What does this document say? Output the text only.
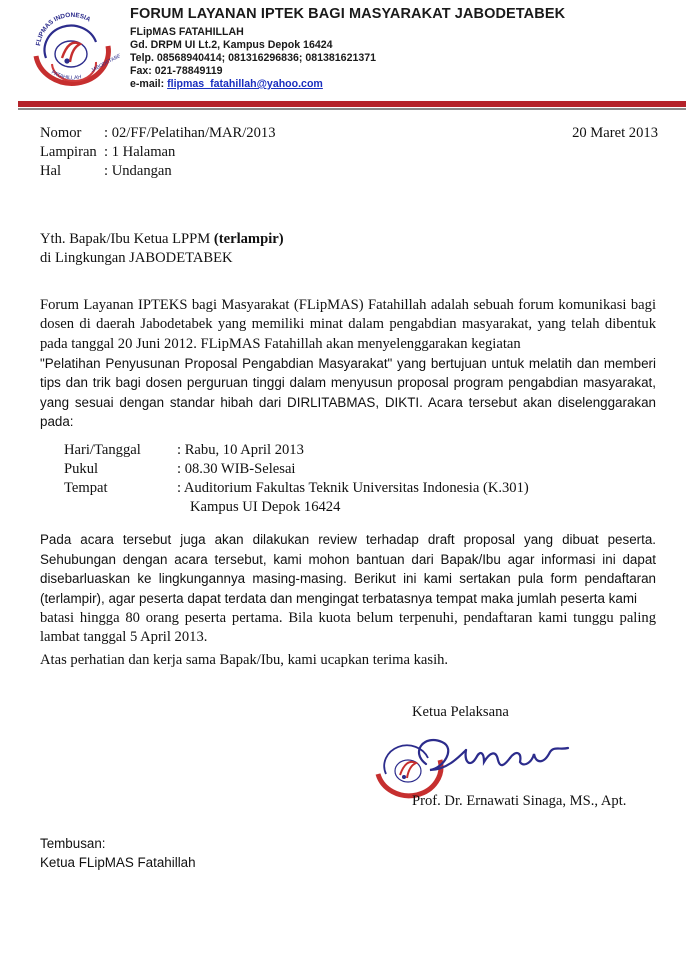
FLIPMAS INDONESIA
FATAHILLAH
JABODETABEK
FORUM LAYANAN IPTEK BAGI MASYARAKAT JABODETABEK
FLipMAS FATAHILLAH
Gd. DRPM UI Lt.2, Kampus Depok 16424
Telp. 08568940414; 081316296836; 081381621371
Fax: 021-78849119
e-mail: flipmas_fatahillah@yahoo.com
Nomor : 02/FF/Pelatihan/MAR/2013
Lampiran : 1 Halaman
Hal	: Undangan
20 Maret 2013
Yth. Bapak/Ibu Ketua LPPM (terlampir)
di Lingkungan JABODETABEK
Forum Layanan IPTEKS bagi Masyarakat (FLipMAS) Fatahillah adalah sebuah forum komunikasi bagi dosen di daerah Jabodetabek yang memiliki minat dalam pengabdian masyarakat, yang telah dibentuk pada tanggal 20 Juni 2012. FLipMAS Fatahillah akan menyelenggarakan kegiatan
"Pelatihan Penyusunan Proposal Pengabdian Masyarakat" yang bertujuan untuk melatih dan memberi tips dan trik bagi dosen perguruan tinggi dalam menyusun proposal program pengabdian masyarakat, yang sesuai dengan standar hibah dari DIRLITABMAS, DIKTI. Acara tersebut akan diselenggarakan pada:
Hari/Tanggal : Rabu, 10 April 2013
Pukul	: 08.30 WIB-Selesai
Tempat	: Auditorium Fakultas Teknik Universitas Indonesia (K.301)
Kampus UI Depok 16424
Pada acara tersebut juga akan dilakukan review terhadap draft proposal yang dibuat peserta. Sehubungan dengan acara tersebut, kami mohon bantuan dari Bapak/Ibu agar informasi ini dapat disebarluaskan ke lingkungannya masing-masing. Berikut ini kami sertakan pula form pendaftaran (terlampir), agar peserta dapat terdata dan mengingat terbatasnya tempat maka jumlah peserta kami
batasi hingga 80 orang peserta pertama. Bila kuota belum terpenuhi, pendaftaran kami tunggu paling lambat tanggal 5 April 2013.
Atas perhatian dan kerja sama Bapak/Ibu, kami ucapkan terima kasih.
Ketua Pelaksana
Prof. Dr. Ernawati Sinaga, MS., Apt.
Tembusan:
Ketua FLipMAS Fatahillah
